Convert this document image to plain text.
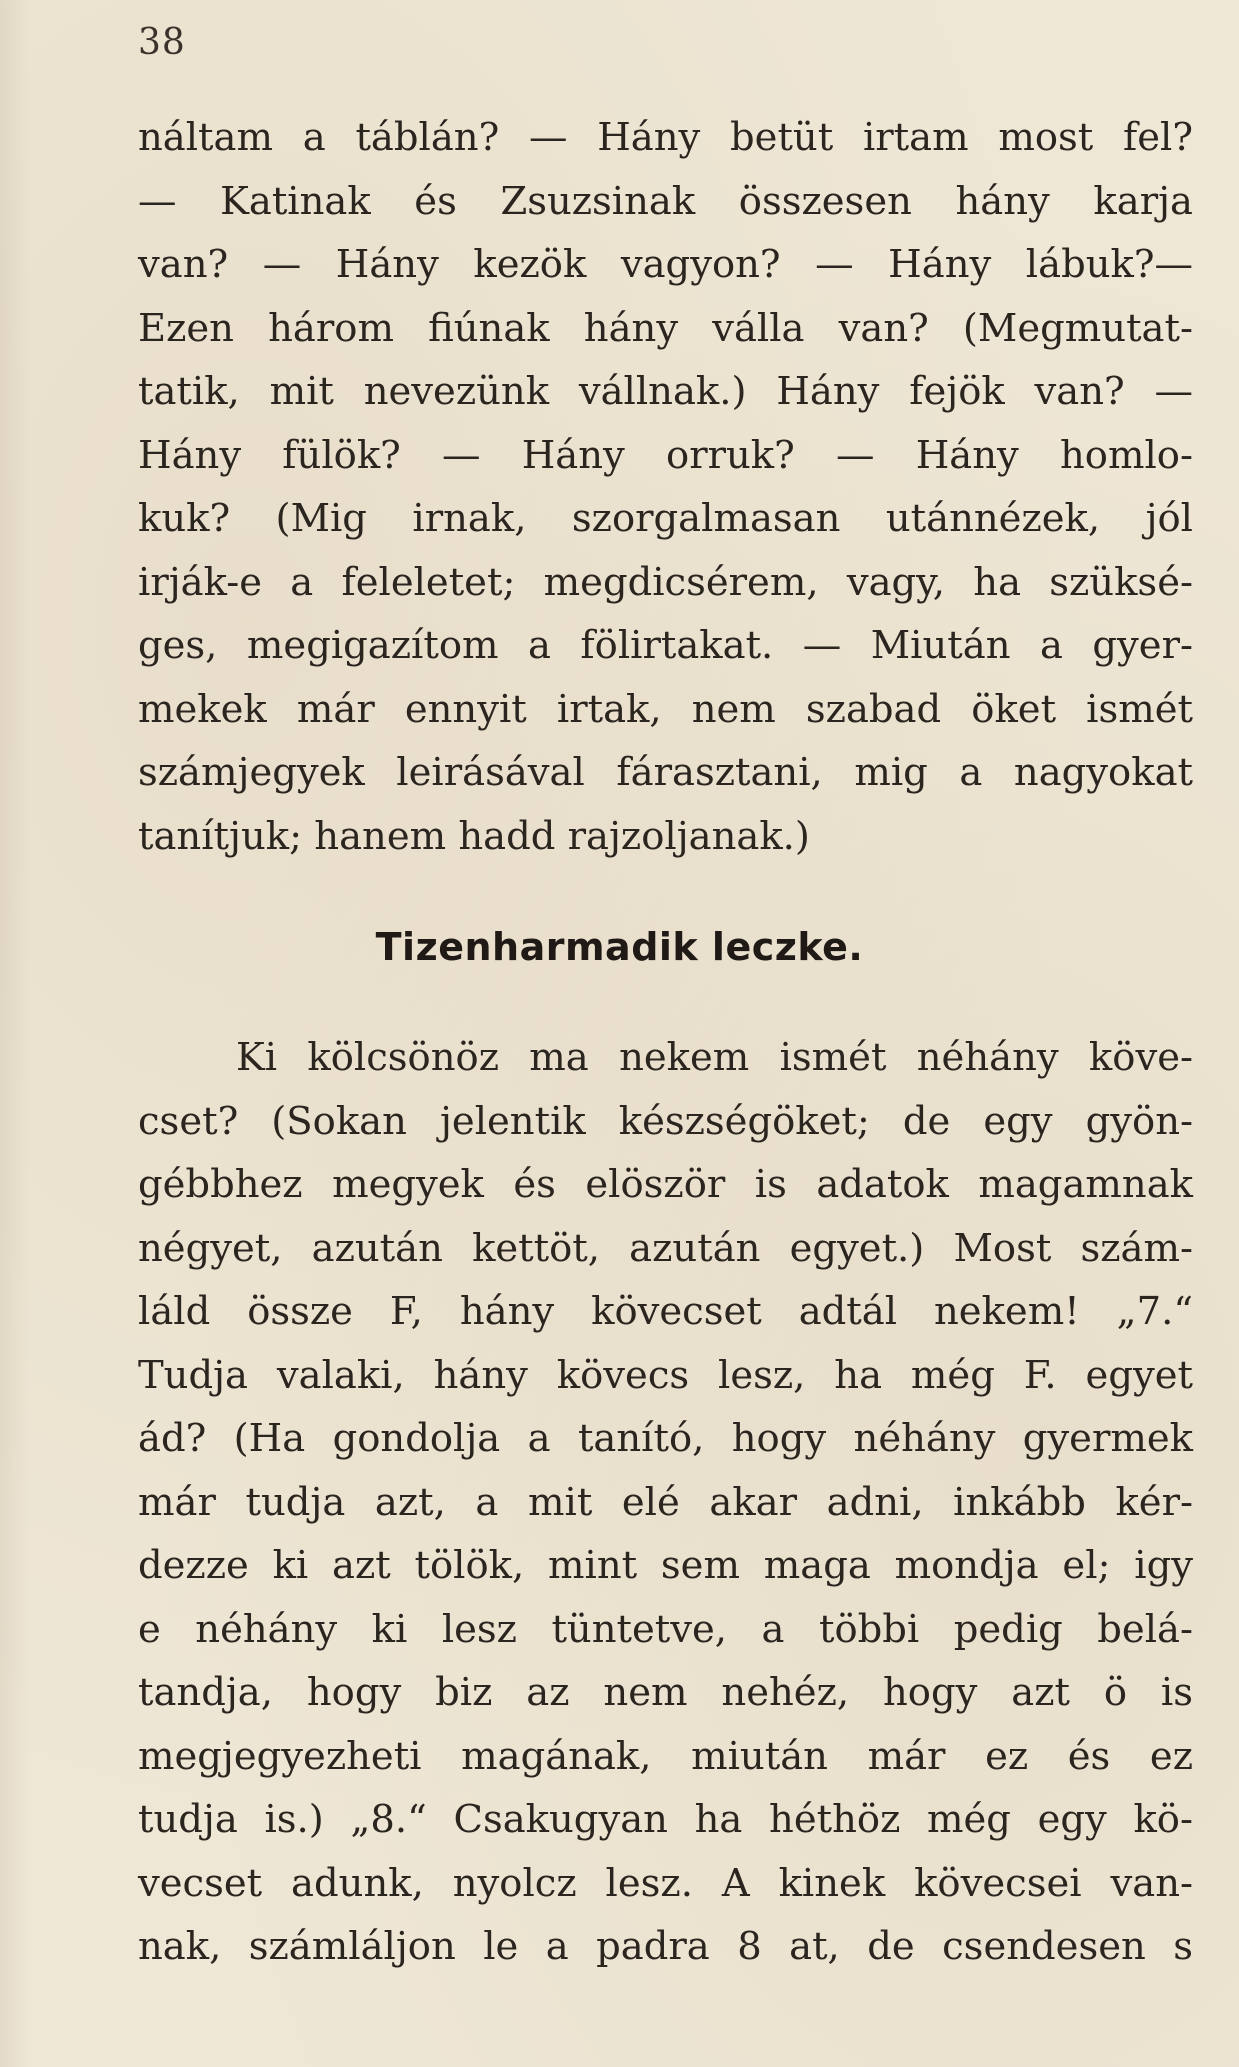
38
náltam a táblán? — Hány betüt irtam most fel?
— Katinak és Zsuzsinak összesen hány karja
van? — Hány kezök vagyon? — Hány lábuk?—
Ezen három fiúnak hány válla van? (Megmutat-
tatik, mit nevezünk vállnak.) Hány fejök van? —
Hány fülök? — Hány orruk? — Hány homlo-
kuk? (Mig irnak, szorgalmasan utánnézek, jól
irják-e a feleletet; megdicsérem, vagy, ha szüksé-
ges, megigazítom a fölirtakat. — Miután a gyer-
mekek már ennyit irtak, nem szabad öket ismét
számjegyek leirásával fárasztani, mig a nagyokat
tanítjuk; hanem hadd rajzoljanak.)
Tizenharmadik leczke.
Ki kölcsönöz ma nekem ismét néhány köve-
cset? (Sokan jelentik készségöket; de egy gyön-
gébbhez megyek és elöször is adatok magamnak
négyet, azután kettöt, azután egyet.) Most szám-
láld össze F, hány kövecset adtál nekem! „7.“
Tudja valaki, hány kövecs lesz, ha még F. egyet
ád? (Ha gondolja a tanító, hogy néhány gyermek
már tudja azt, a mit elé akar adni, inkább kér-
dezze ki azt tölök, mint sem maga mondja el; igy
e néhány ki lesz tüntetve, a többi pedig belá-
tandja, hogy biz az nem nehéz, hogy azt ö is
megjegyezheti magának, miután már ez és ez
tudja is.) „8.“ Csakugyan ha héthöz még egy kö-
vecset adunk, nyolcz lesz. A kinek kövecsei van-
nak, számláljon le a padra 8 at, de csendesen s
